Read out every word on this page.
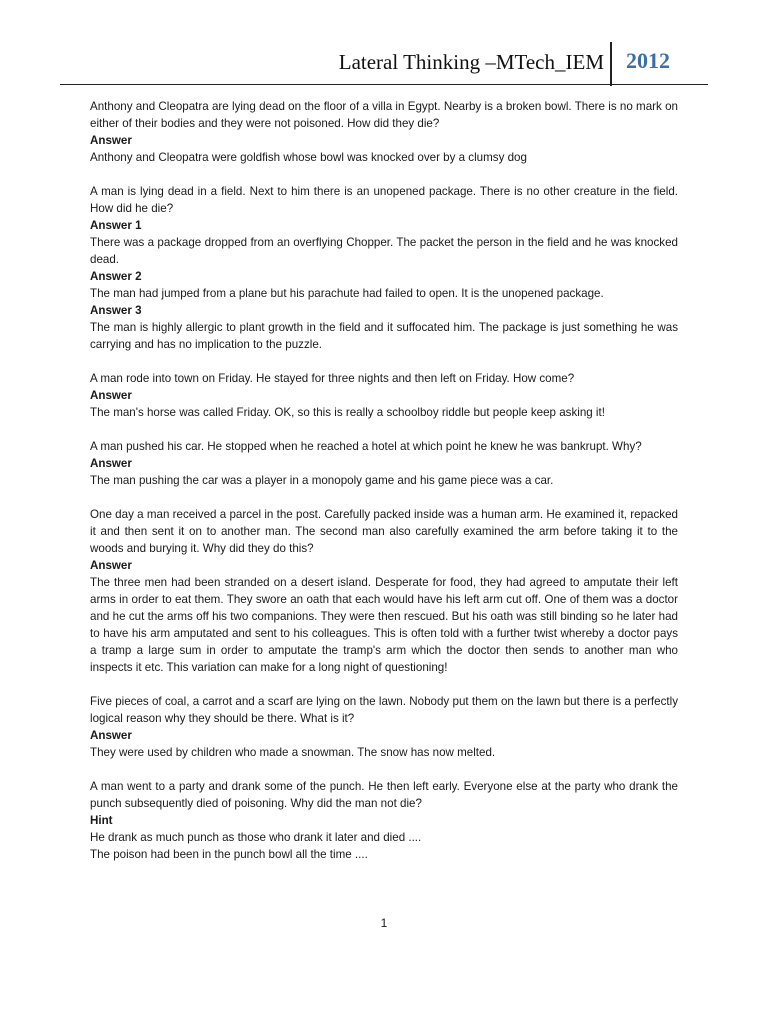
Lateral Thinking –MTech_IEM 2012

Anthony and Cleopatra are lying dead on the floor of a villa in Egypt. Nearby is a broken bowl. There is no mark on either of their bodies and they were not poisoned. How did they die?

Answer

Anthony and Cleopatra were goldfish whose bowl was knocked over by a clumsy dog

A man is lying dead in a field. Next to him there is an unopened package. There is no other creature in the field. How did he die?

Answer 1

There was a package dropped from an overflying Chopper. The packet the person in the field and he was knocked dead.

Answer 2

The man had jumped from a plane but his parachute had failed to open. It is the unopened package.

Answer 3

The man is highly allergic to plant growth in the field and it suffocated him. The package is just something he was carrying and has no implication to the puzzle.

A man rode into town on Friday. He stayed for three nights and then left on Friday. How come?

Answer

The man's horse was called Friday. OK, so this is really a schoolboy riddle but people keep asking it!

A man pushed his car. He stopped when he reached a hotel at which point he knew he was bankrupt. Why?

Answer

The man pushing the car was a player in a monopoly game and his game piece was a car.

One day a man received a parcel in the post. Carefully packed inside was a human arm. He examined it, repacked it and then sent it on to another man. The second man also carefully examined the arm before taking it to the woods and burying it. Why did they do this?

Answer

The three men had been stranded on a desert island. Desperate for food, they had agreed to amputate their left arms in order to eat them. They swore an oath that each would have his left arm cut off. One of them was a doctor and he cut the arms off his two companions. They were then rescued. But his oath was still binding so he later had to have his arm amputated and sent to his colleagues. This is often told with a further twist whereby a doctor pays a tramp a large sum in order to amputate the tramp's arm which the doctor then sends to another man who inspects it etc. This variation can make for a long night of questioning!

Five pieces of coal, a carrot and a scarf are lying on the lawn. Nobody put them on the lawn but there is a perfectly logical reason why they should be there. What is it?

Answer

They were used by children who made a snowman. The snow has now melted.

A man went to a party and drank some of the punch. He then left early. Everyone else at the party who drank the punch subsequently died of poisoning. Why did the man not die?

Hint

He drank as much punch as those who drank it later and died ....

The poison had been in the punch bowl all the time ....

1
